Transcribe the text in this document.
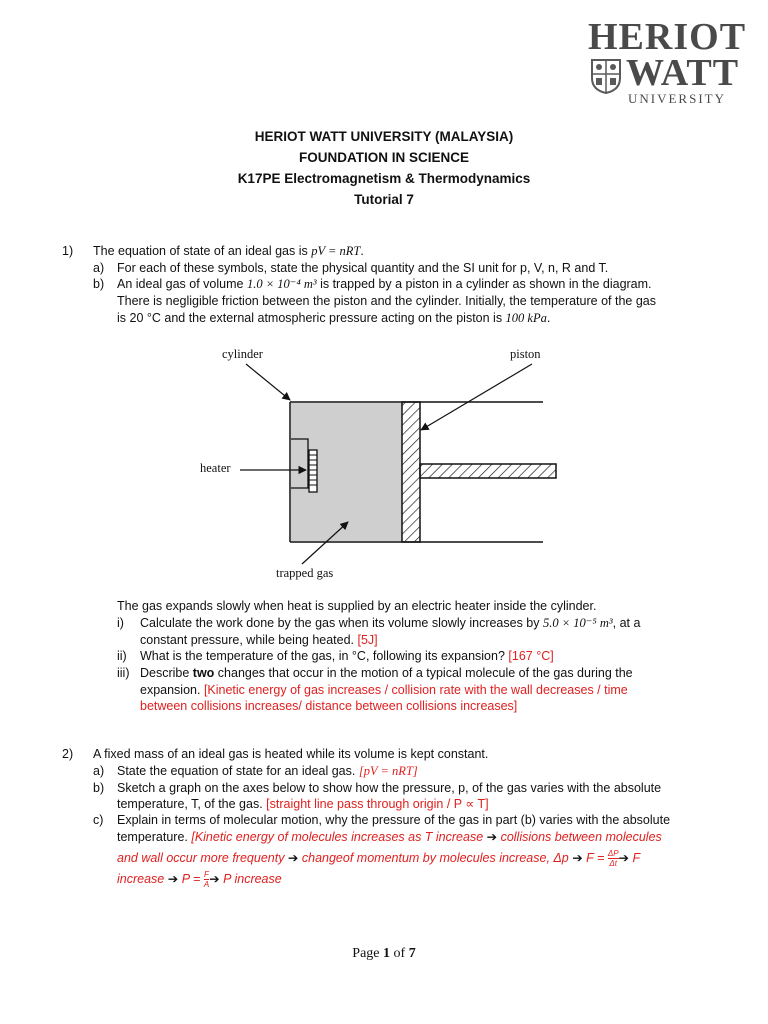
HERIOT
WATT
UNIVERSITY
HERIOT WATT UNIVERSITY (MALAYSIA)
FOUNDATION IN SCIENCE
K17PE Electromagnetism & Thermodynamics
Tutorial 7
1) The equation of state of an ideal gas is pV = nRT.
a) For each of these symbols, state the physical quantity and the SI unit for p, V, n, R and T.
b) An ideal gas of volume 1.0 × 10⁻⁴ m³ is trapped by a piston in a cylinder as shown in the diagram.
There is negligible friction between the piston and the cylinder. Initially, the temperature of the gas
is 20 °C and the external atmospheric pressure acting on the piston is 100 kPa.
cylinder	piston
heater
trapped gas
The gas expands slowly when heat is supplied by an electric heater inside the cylinder.
i) Calculate the work done by the gas when its volume slowly increases by 5.0 × 10⁻⁵ m³, at a
constant pressure, while being heated. [5J]
ii) What is the temperature of the gas, in °C, following its expansion? [167 °C]
iii) Describe two changes that occur in the motion of a typical molecule of the gas during the
expansion. [Kinetic energy of gas increases / collision rate with the wall decreases / time
between collisions increases/ distance between collisions increases]
2) A fixed mass of an ideal gas is heated while its volume is kept constant.
a) State the equation of state for an ideal gas. [pV = nRT]
b) Sketch a graph on the axes below to show how the pressure, p, of the gas varies with the absolute
temperature, T, of the gas. [straight line pass through origin / P ∝ T]
c) Explain in terms of molecular motion, why the pressure of the gas in part (b) varies with the absolute
temperature. [Kinetic energy of molecules increases as T increase ➔ collisions between molecules
and wall occur more frequenty ➔ changeof momentum by molecules increase, Δp ➔ $F = \frac{\Delta P}{\Delta t}$ ➔ F
increase ➔ $P = \frac{F}{A}$ ➔ P increase
Page 1 of 7
